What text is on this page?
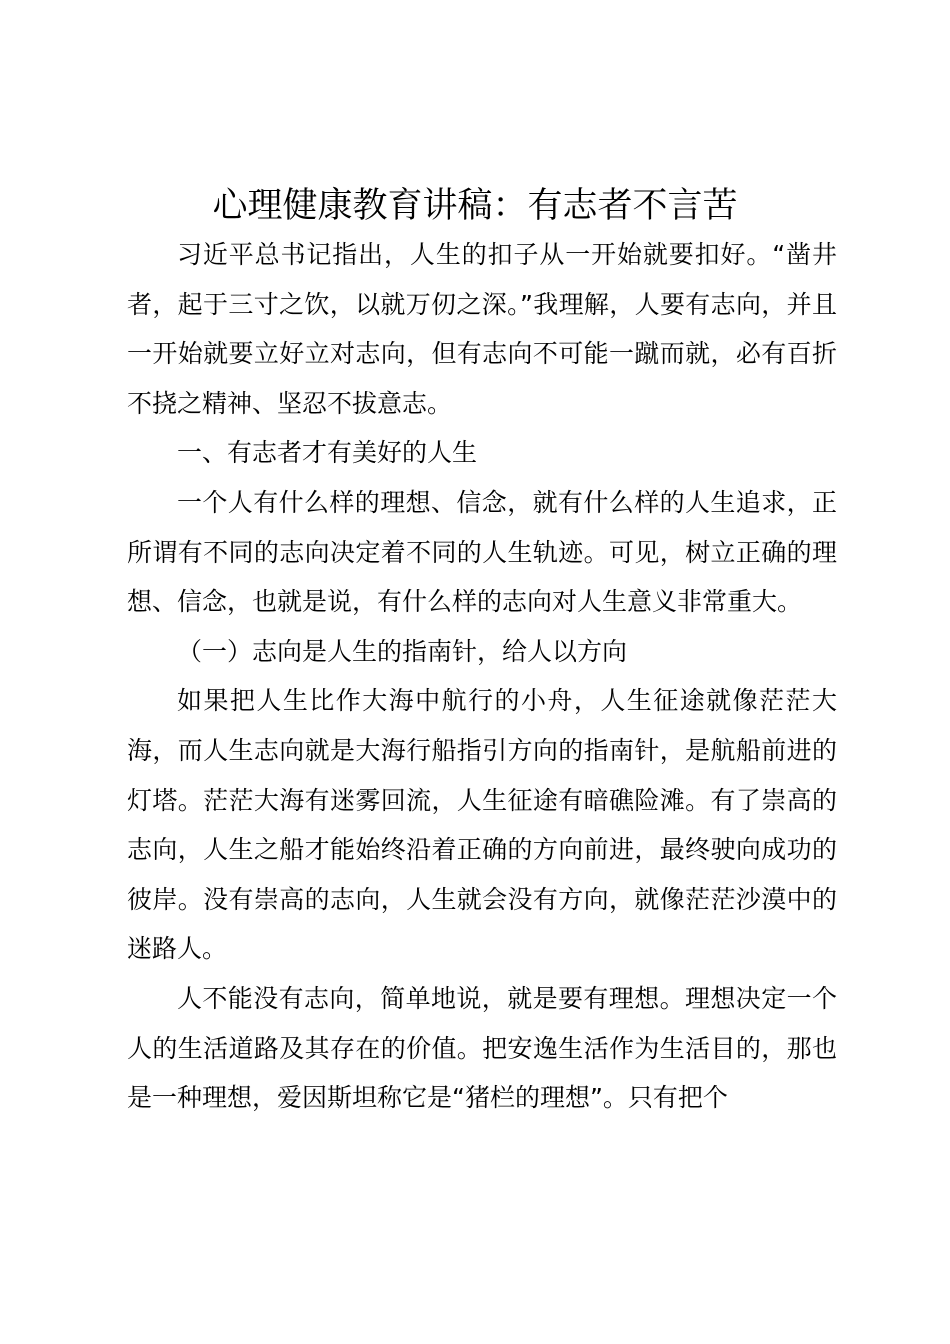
心理健康教育讲稿：有志者不言苦

习近平总书记指出，人生的扣子从一开始就要扣好。“凿井者，起于三寸之饮，以就万仞之深。”我理解，人要有志向，并且一开始就要立好立对志向，但有志向不可能一蹴而就，必有百折不挠之精神、坚忍不拔意志。

一、有志者才有美好的人生

一个人有什么样的理想、信念，就有什么样的人生追求，正所谓有不同的志向决定着不同的人生轨迹。可见，树立正确的理想、信念，也就是说，有什么样的志向对人生意义非常重大。

（一）志向是人生的指南针，给人以方向

如果把人生比作大海中航行的小舟，人生征途就像茫茫大海，而人生志向就是大海行船指引方向的指南针，是航船前进的灯塔。茫茫大海有迷雾回流，人生征途有暗礁险滩。有了崇高的志向，人生之船才能始终沿着正确的方向前进，最终驶向成功的彼岸。没有崇高的志向，人生就会没有方向，就像茫茫沙漠中的迷路人。

人不能没有志向，简单地说，就是要有理想。理想决定一个人的生活道路及其存在的价值。把安逸生活作为生活目的，那也是一种理想，爱因斯坦称它是“猪栏的理想”。只有把个
